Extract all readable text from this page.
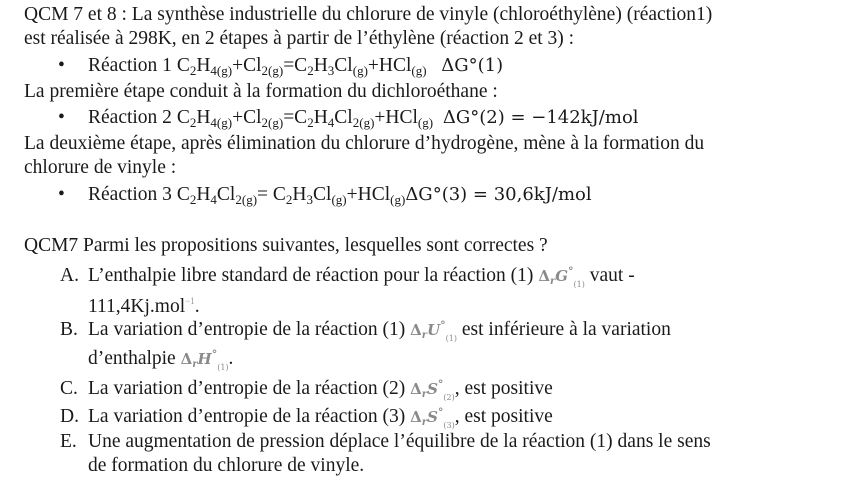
QCM 7 et 8 : La synthèse industrielle du chlorure de vinyle (chloroéthylène) (réaction1)
est réalisée à 298K, en 2 étapes à partir de l’éthylène (réaction 2 et 3) :
• Réaction 1 $C_2H_{4(g)}+Cl_{2(g)}=C_2H_3Cl_{(g)}+HCl_{(g)}$ ΔG°(1)
La première étape conduit à la formation du dichloroéthane :
• Réaction 2 $C_2H_{4(g)}+Cl_{2(g)}=C_2H_4Cl_{2(g)}+HCl_{(g)}$ ΔG°(2) = −142kJ/mol
La deuxième étape, après élimination du chlorure d’hydrogène, mène à la formation du
chlorure de vinyle :
• Réaction 3 $C_2H_4Cl_{2(g)}= C_2H_3Cl_{(g)}+HCl_{(g)}\Delta G^\circ(3) = 30,6kJ/mol$
QCM7 Parmi les propositions suivantes, lesquelles sont correctes ?
A. L’enthalpie libre standard de réaction pour la réaction (1) $\Delta_rG^\circ_{(1)}$ vaut -
111,4Kj.mol$^{-1}$.
B. La variation d’entropie de la réaction (1) $\Delta_rU^\circ_{(1)}$ est inférieure à la variation
d’enthalpie $\Delta_rH^\circ_{(1)}$.
C. La variation d’entropie de la réaction (2) $\Delta_rS^\circ_{(2)}$, est positive
D. La variation d’entropie de la réaction (3) $\Delta_rS^\circ_{(3)}$, est positive
E. Une augmentation de pression déplace l’équilibre de la réaction (1) dans le sens
de formation du chlorure de vinyle.
